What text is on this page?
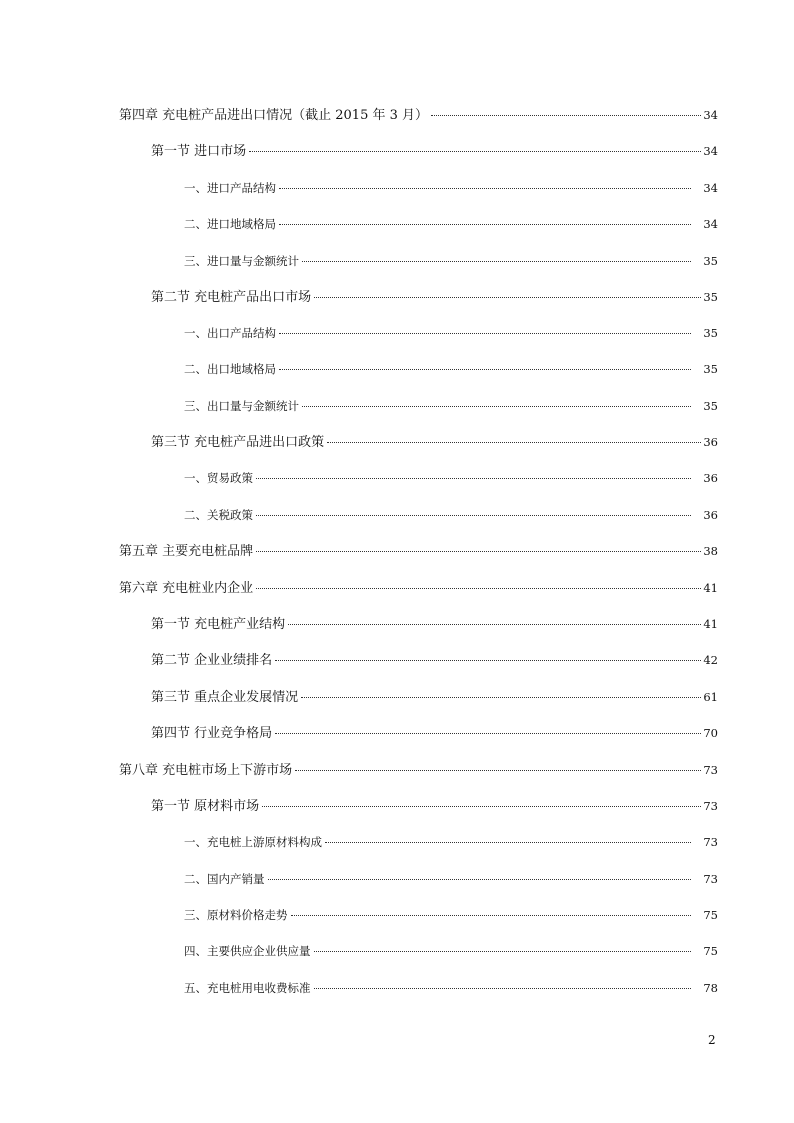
第四章 充电桩产品进出口情况（截止 2015 年 3 月）	34
第一节 进口市场	34
一、进口产品结构	34
二、进口地域格局	34
三、进口量与金额统计	35
第二节 充电桩产品出口市场	35
一、出口产品结构	35
二、出口地域格局	35
三、出口量与金额统计	35
第三节 充电桩产品进出口政策	36
一、贸易政策	36
二、关税政策	36
第五章 主要充电桩品牌	38
第六章 充电桩业内企业	41
第一节 充电桩产业结构	41
第二节 企业业绩排名	42
第三节 重点企业发展情况	61
第四节 行业竞争格局	70
第八章 充电桩市场上下游市场	73
第一节 原材料市场	73
一、充电桩上游原材料构成	73
二、国内产销量	73
三、原材料价格走势	75
四、主要供应企业供应量	75
五、充电桩用电收费标准	78
2
